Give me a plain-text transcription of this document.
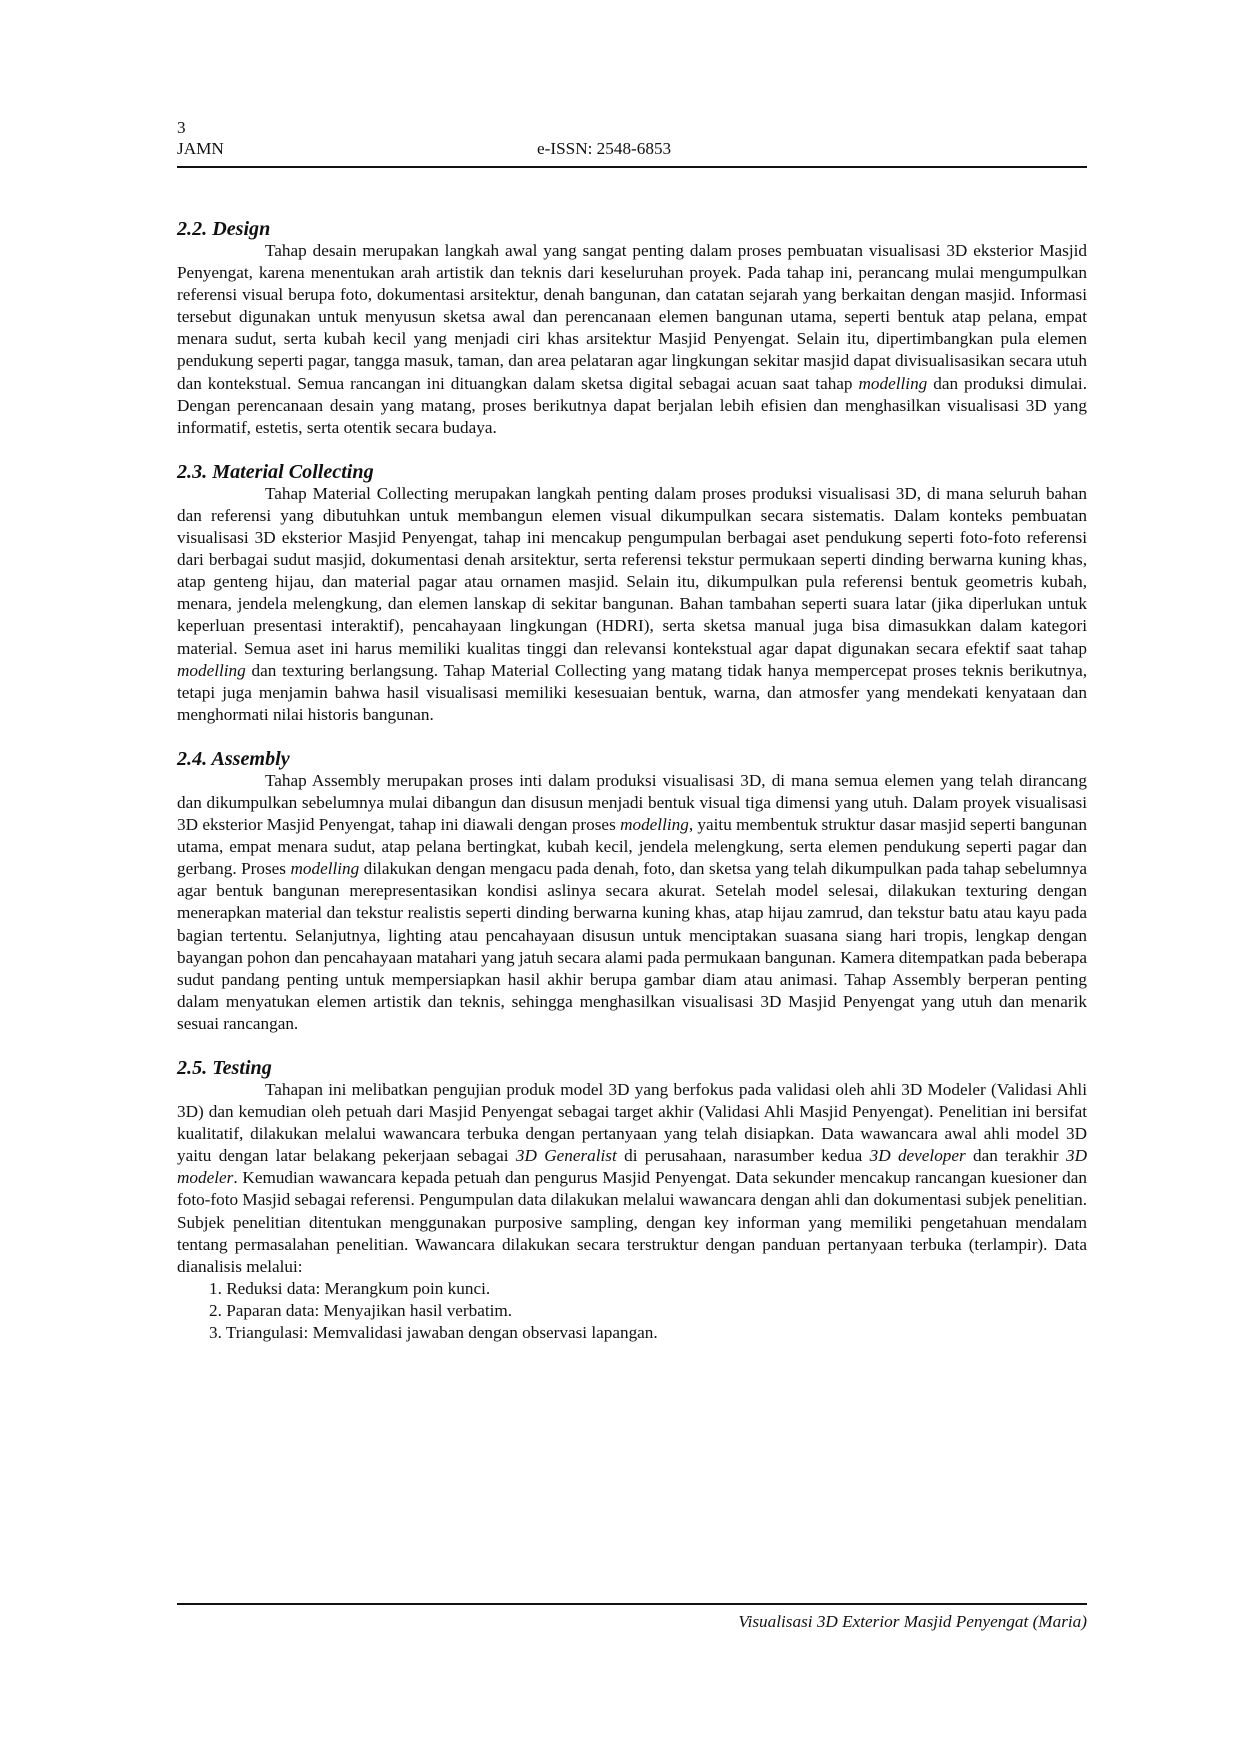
3
JAMN	e-ISSN: 2548-6853
2.2. Design

Tahap desain merupakan langkah awal yang sangat penting dalam proses pembuatan visualisasi 3D eksterior Masjid Penyengat, karena menentukan arah artistik dan teknis dari keseluruhan proyek. Pada tahap ini, perancang mulai mengumpulkan referensi visual berupa foto, dokumentasi arsitektur, denah bangunan, dan catatan sejarah yang berkaitan dengan masjid. Informasi tersebut digunakan untuk menyusun sketsa awal dan perencanaan elemen bangunan utama, seperti bentuk atap pelana, empat menara sudut, serta kubah kecil yang menjadi ciri khas arsitektur Masjid Penyengat. Selain itu, dipertimbangkan pula elemen pendukung seperti pagar, tangga masuk, taman, dan area pelataran agar lingkungan sekitar masjid dapat divisualisasikan secara utuh dan kontekstual. Semua rancangan ini dituangkan dalam sketsa digital sebagai acuan saat tahap modelling dan produksi dimulai. Dengan perencanaan desain yang matang, proses berikutnya dapat berjalan lebih efisien dan menghasilkan visualisasi 3D yang informatif, estetis, serta otentik secara budaya.

2.3. Material Collecting

Tahap Material Collecting merupakan langkah penting dalam proses produksi visualisasi 3D, di mana seluruh bahan dan referensi yang dibutuhkan untuk membangun elemen visual dikumpulkan secara sistematis. Dalam konteks pembuatan visualisasi 3D eksterior Masjid Penyengat, tahap ini mencakup pengumpulan berbagai aset pendukung seperti foto-foto referensi dari berbagai sudut masjid, dokumentasi denah arsitektur, serta referensi tekstur permukaan seperti dinding berwarna kuning khas, atap genteng hijau, dan material pagar atau ornamen masjid. Selain itu, dikumpulkan pula referensi bentuk geometris kubah, menara, jendela melengkung, dan elemen lanskap di sekitar bangunan. Bahan tambahan seperti suara latar (jika diperlukan untuk keperluan presentasi interaktif), pencahayaan lingkungan (HDRI), serta sketsa manual juga bisa dimasukkan dalam kategori material. Semua aset ini harus memiliki kualitas tinggi dan relevansi kontekstual agar dapat digunakan secara efektif saat tahap modelling dan texturing berlangsung. Tahap Material Collecting yang matang tidak hanya mempercepat proses teknis berikutnya, tetapi juga menjamin bahwa hasil visualisasi memiliki kesesuaian bentuk, warna, dan atmosfer yang mendekati kenyataan dan menghormati nilai historis bangunan.

2.4. Assembly

Tahap Assembly merupakan proses inti dalam produksi visualisasi 3D, di mana semua elemen yang telah dirancang dan dikumpulkan sebelumnya mulai dibangun dan disusun menjadi bentuk visual tiga dimensi yang utuh. Dalam proyek visualisasi 3D eksterior Masjid Penyengat, tahap ini diawali dengan proses modelling, yaitu membentuk struktur dasar masjid seperti bangunan utama, empat menara sudut, atap pelana bertingkat, kubah kecil, jendela melengkung, serta elemen pendukung seperti pagar dan gerbang. Proses modelling dilakukan dengan mengacu pada denah, foto, dan sketsa yang telah dikumpulkan pada tahap sebelumnya agar bentuk bangunan merepresentasikan kondisi aslinya secara akurat. Setelah model selesai, dilakukan texturing dengan menerapkan material dan tekstur realistis seperti dinding berwarna kuning khas, atap hijau zamrud, dan tekstur batu atau kayu pada bagian tertentu. Selanjutnya, lighting atau pencahayaan disusun untuk menciptakan suasana siang hari tropis, lengkap dengan bayangan pohon dan pencahayaan matahari yang jatuh secara alami pada permukaan bangunan. Kamera ditempatkan pada beberapa sudut pandang penting untuk mempersiapkan hasil akhir berupa gambar diam atau animasi. Tahap Assembly berperan penting dalam menyatukan elemen artistik dan teknis, sehingga menghasilkan visualisasi 3D Masjid Penyengat yang utuh dan menarik sesuai rancangan.

2.5. Testing

Tahapan ini melibatkan pengujian produk model 3D yang berfokus pada validasi oleh ahli 3D Modeler (Validasi Ahli 3D) dan kemudian oleh petuah dari Masjid Penyengat sebagai target akhir (Validasi Ahli Masjid Penyengat). Penelitian ini bersifat kualitatif, dilakukan melalui wawancara terbuka dengan pertanyaan yang telah disiapkan. Data wawancara awal ahli model 3D yaitu dengan latar belakang pekerjaan sebagai 3D Generalist di perusahaan, narasumber kedua 3D developer dan terakhir 3D modeler. Kemudian wawancara kepada petuah dan pengurus Masjid Penyengat. Data sekunder mencakup rancangan kuesioner dan foto-foto Masjid sebagai referensi. Pengumpulan data dilakukan melalui wawancara dengan ahli dan dokumentasi subjek penelitian. Subjek penelitian ditentukan menggunakan purposive sampling, dengan key informan yang memiliki pengetahuan mendalam tentang permasalahan penelitian. Wawancara dilakukan secara terstruktur dengan panduan pertanyaan terbuka (terlampir). Data dianalisis melalui:

1. Reduksi data: Merangkum poin kunci.
2. Paparan data: Menyajikan hasil verbatim.
3. Triangulasi: Memvalidasi jawaban dengan observasi lapangan.
Visualisasi 3D Exterior Masjid Penyengat (Maria)
